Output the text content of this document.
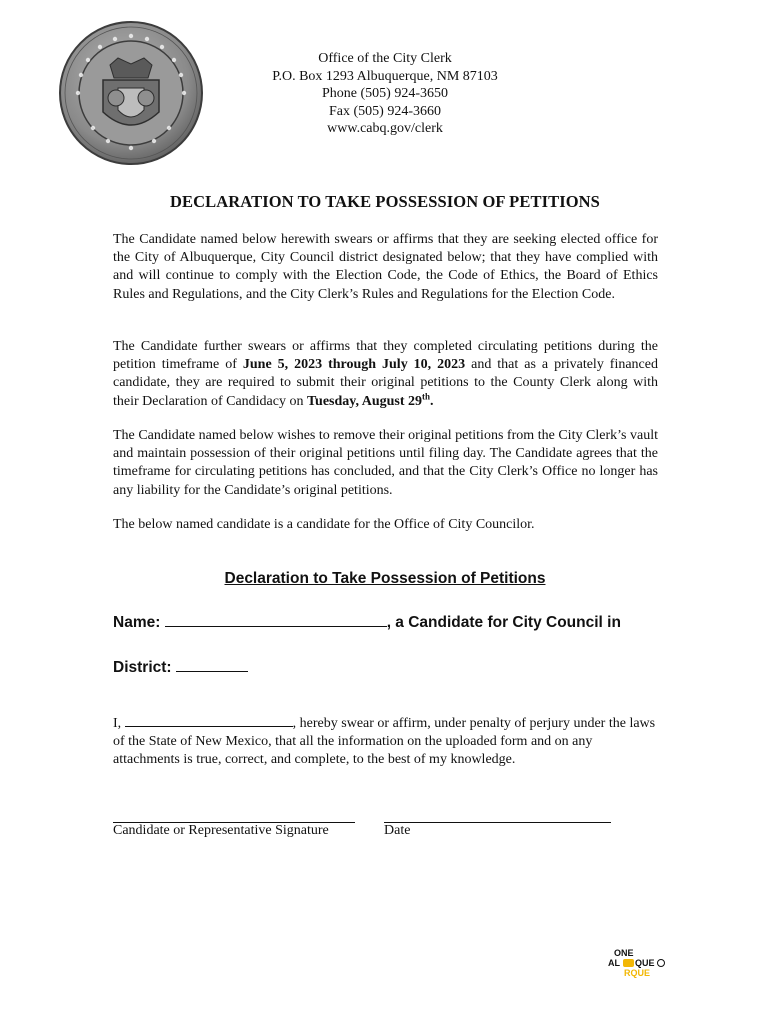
Office of the City Clerk
P.O. Box 1293 Albuquerque, NM 87103
Phone (505) 924-3650
Fax (505) 924-3660
www.cabq.gov/clerk
DECLARATION TO TAKE POSSESSION OF PETITIONS
The Candidate named below herewith swears or affirms that they are seeking elected office for the City of Albuquerque, City Council district designated below; that they have complied with and will continue to comply with the Election Code, the Code of Ethics, the Board of Ethics Rules and Regulations, and the City Clerk’s Rules and Regulations for the Election Code.
The Candidate further swears or affirms that they completed circulating petitions during the petition timeframe of June 5, 2023 through July 10, 2023 and that as a privately financed candidate, they are required to submit their original petitions to the County Clerk along with their Declaration of Candidacy on Tuesday, August 29th.
The Candidate named below wishes to remove their original petitions from the City Clerk’s vault and maintain possession of their original petitions until filing day. The Candidate agrees that the timeframe for circulating petitions has concluded, and that the City Clerk’s Office no longer has any liability for the Candidate’s original petitions.
The below named candidate is a candidate for the Office of City Councilor.
Declaration to Take Possession of Petitions
Name:	, a Candidate for City Council in
District:
I,	, hereby swear or affirm, under penalty of perjury under the laws of the State of New Mexico, that all the information on the uploaded form and on any attachments is true, correct, and complete, to the best of my knowledge.
Candidate or Representative Signature	Date
ONE
AL QUE
RQUE
